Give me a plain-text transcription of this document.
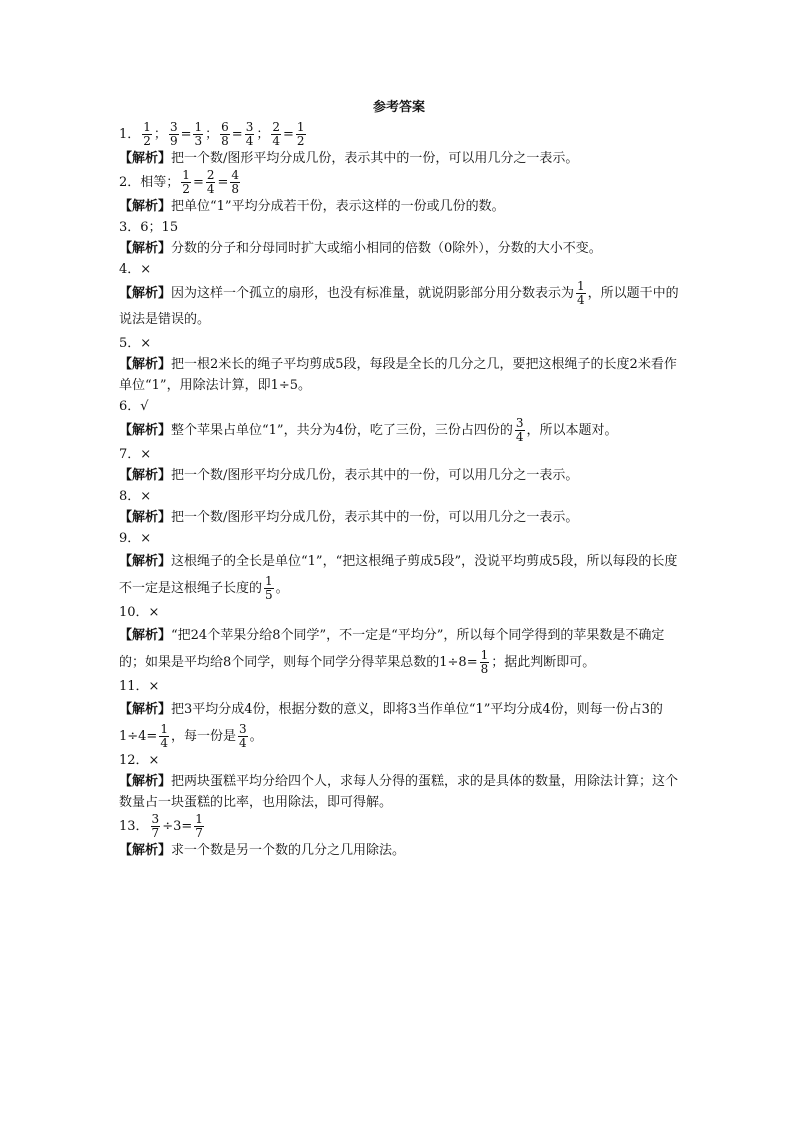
参考答案
1． $\frac{1}{2}$ ； $\frac{3}{9} = \frac{1}{3}$ ； $\frac{6}{8} = \frac{3}{4}$ ； $\frac{2}{4} = \frac{1}{2}$
【解析】把一个数/图形平均分成几份，表示其中的一份，可以用几分之一表示。
2．相等； $\frac{1}{2} = \frac{2}{4} = \frac{4}{8}$
【解析】把单位“1”平均分成若干份，表示这样的一份或几份的数。
3．6；15
【解析】分数的分子和分母同时扩大或缩小相同的倍数（0除外），分数的大小不变。
4．×
【解析】因为这样一个孤立的扇形，也没有标准量，就说阴影部分用分数表示为 $\frac{1}{4}$ ，所以题干中的说法是错误的。
5．×
【解析】把一根2米长的绳子平均剪成5段，每段是全长的几分之几，要把这根绳子的长度2米看作单位“1”，用除法计算，即1÷5。
6．√
【解析】整个苹果占单位“1”，共分为4份，吃了三份，三份占四份的 $\frac{3}{4}$ ，所以本题对。
7．×
【解析】把一个数/图形平均分成几份，表示其中的一份，可以用几分之一表示。
8．×
【解析】把一个数/图形平均分成几份，表示其中的一份，可以用几分之一表示。
9．×
【解析】这根绳子的全长是单位“1”，“把这根绳子剪成5段”，没说平均剪成5段，所以每段的长度不一定是这根绳子长度的 $\frac{1}{5}$ 。
10．×
【解析】“把24个苹果分给8个同学”，不一定是“平均分”，所以每个同学得到的苹果数是不确定的；如果是平均给8个同学，则每个同学分得苹果总数的$1\div 8= \frac{1}{8}$ ；据此判断即可。
11．×
【解析】把3平均分成4份，根据分数的意义，即将3当作单位“1”平均分成4份，则每一份占3的$1\div 4= \frac{1}{4}$ ，每一份是 $\frac{3}{4}$ 。
12．×
【解析】把两块蛋糕平均分给四个人，求每人分得的蛋糕，求的是具体的数量，用除法计算；这个数量占一块蛋糕的比率，也用除法，即可得解。
13． $\frac{3}{7} \div 3= \frac{1}{7}$
【解析】求一个数是另一个数的几分之几用除法。
